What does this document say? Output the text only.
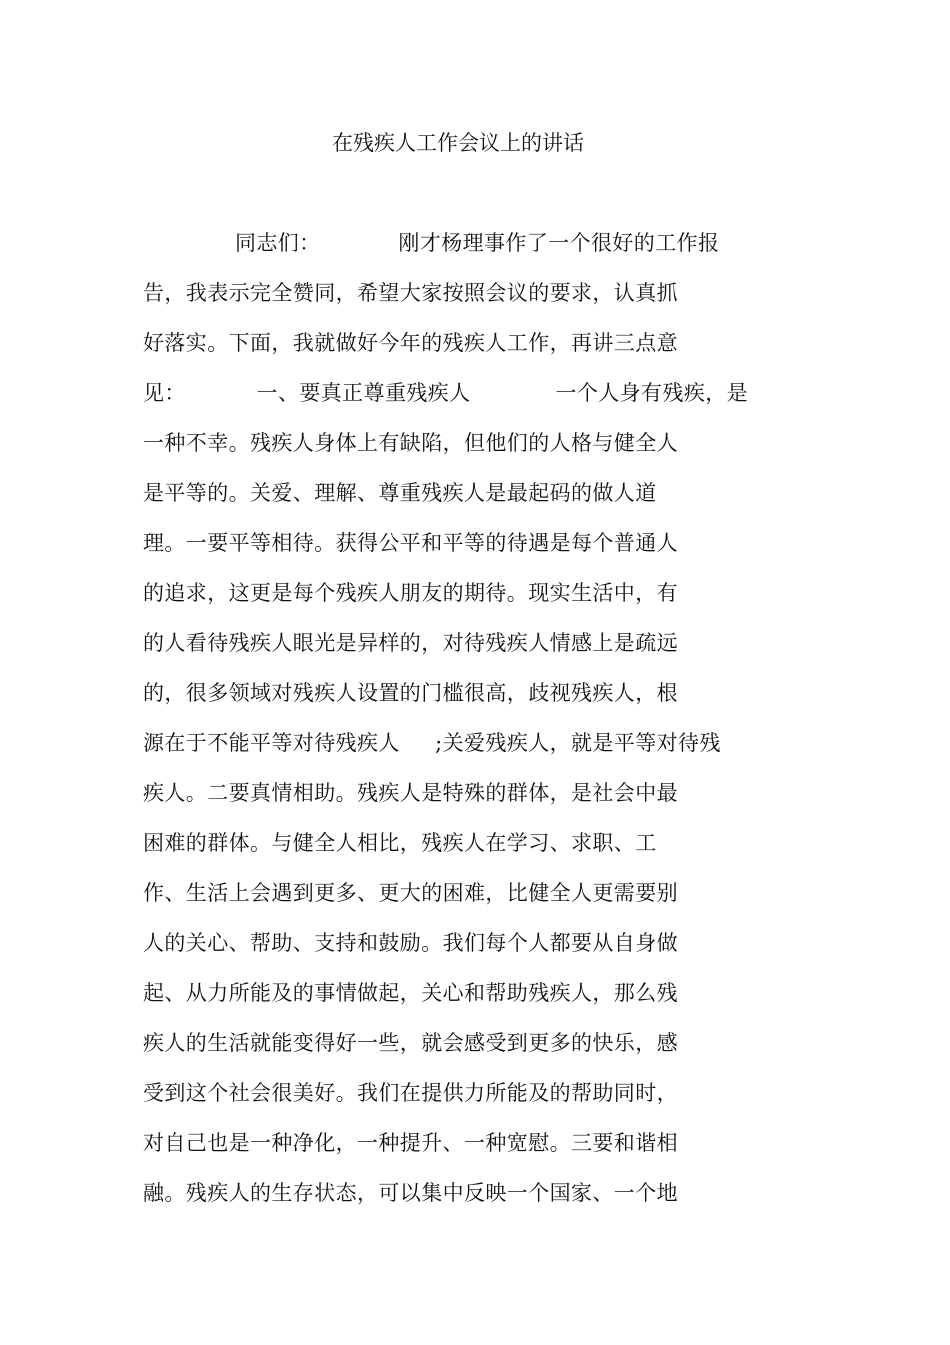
在残疾人工作会议上的讲话
同志们：           刚才杨理事作了一个很好的工作报
告，我表示完全赞同，希望大家按照会议的要求，认真抓
好落实。下面，我就做好今年的残疾人工作，再讲三点意
见：          一、要真正尊重残疾人            一个人身有残疾，是
一种不幸。残疾人身体上有缺陷，但他们的人格与健全人
是平等的。关爱、理解、尊重残疾人是最起码的做人道
理。一要平等相待。获得公平和平等的待遇是每个普通人
的追求，这更是每个残疾人朋友的期待。现实生活中，有
的人看待残疾人眼光是异样的，对待残疾人情感上是疏远
的，很多领域对残疾人设置的门槛很高，歧视残疾人，根
源在于不能平等对待残疾人     ;关爱残疾人，就是平等对待残
疾人。二要真情相助。残疾人是特殊的群体，是社会中最
困难的群体。与健全人相比，残疾人在学习、求职、工
作、生活上会遇到更多、更大的困难，比健全人更需要别
人的关心、帮助、支持和鼓励。我们每个人都要从自身做
起、从力所能及的事情做起，关心和帮助残疾人，那么残
疾人的生活就能变得好一些，就会感受到更多的快乐，感
受到这个社会很美好。我们在提供力所能及的帮助同时，
对自己也是一种净化，一种提升、一种宽慰。三要和谐相
融。残疾人的生存状态，可以集中反映一个国家、一个地
